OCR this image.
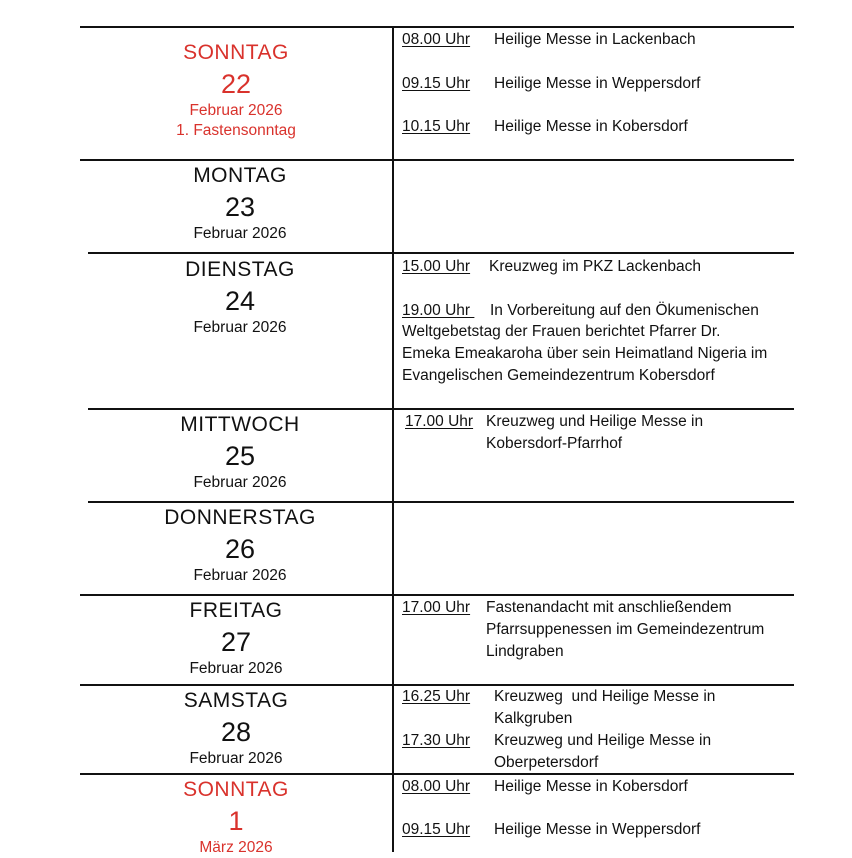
SONNTAG
22
Februar 2026
1. Fastensonntag
08.00 Uhr Heilige Messe in Lackenbach
09.15 Uhr Heilige Messe in Weppersdorf
10.15 Uhr Heilige Messe in Kobersdorf
MONTAG
23
Februar 2026
DIENSTAG
24
Februar 2026
15.00 Uhr Kreuzweg im PKZ Lackenbach
19.00 Uhr In Vorbereitung auf den Ökumenischen
Weltgebetstag der Frauen berichtet Pfarrer Dr.
Emeka Emeakaroha über sein Heimatland Nigeria im
Evangelischen Gemeindezentrum Kobersdorf
MITTWOCH
25
Februar 2026
17.00 Uhr Kreuzweg und Heilige Messe in
Kobersdorf-Pfarrhof
DONNERSTAG
26
Februar 2026
FREITAG
27
Februar 2026
17.00 Uhr Fastenandacht mit anschließendem
Pfarrsuppenessen im Gemeindezentrum
Lindgraben
SAMSTAG
28
Februar 2026
16.25 Uhr Kreuzweg  und Heilige Messe in
Kalkgruben
17.30 Uhr Kreuzweg und Heilige Messe in
Oberpetersdorf
SONNTAG
1
März 2026
08.00 Uhr Heilige Messe in Kobersdorf
09.15 Uhr Heilige Messe in Weppersdorf
